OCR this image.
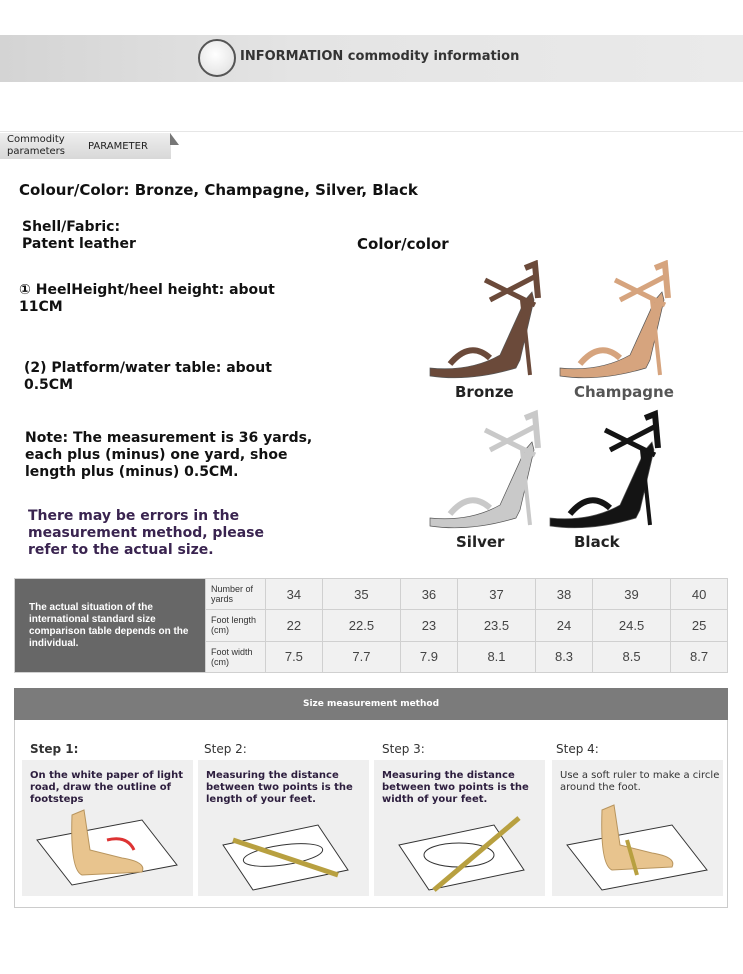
INFORMATION commodity information
Commodity parameters	PARAMETER
Colour/Color: Bronze, Champagne, Silver, Black
Shell/Fabric:
Patent leather
① HeelHeight/heel height: about 11CM
(2) Platform/water table: about 0.5CM
Note: The measurement is 36 yards, each plus (minus) one yard, shoe length plus (minus) 0.5CM.
There may be errors in the measurement method, please refer to the actual size.
Color/color
Bronze	Champagne
Silver	Black
The actual situation of the international standard size comparison table depends on the individual.	Number of yards	34	35	36	37	38	39	40
	Foot length (cm)	22	22.5	23	23.5	24	24.5	25
	Foot width (cm)	7.5	7.7	7.9	8.1	8.3	8.5	8.7
Size measurement method
Step 1:	Step 2:	Step 3:	Step 4:
On the white paper of light road, draw the outline of footsteps
Measuring the distance between two points is the length of your feet.
Measuring the distance between two points is the width of your feet.
Use a soft ruler to make a circle around the foot.
